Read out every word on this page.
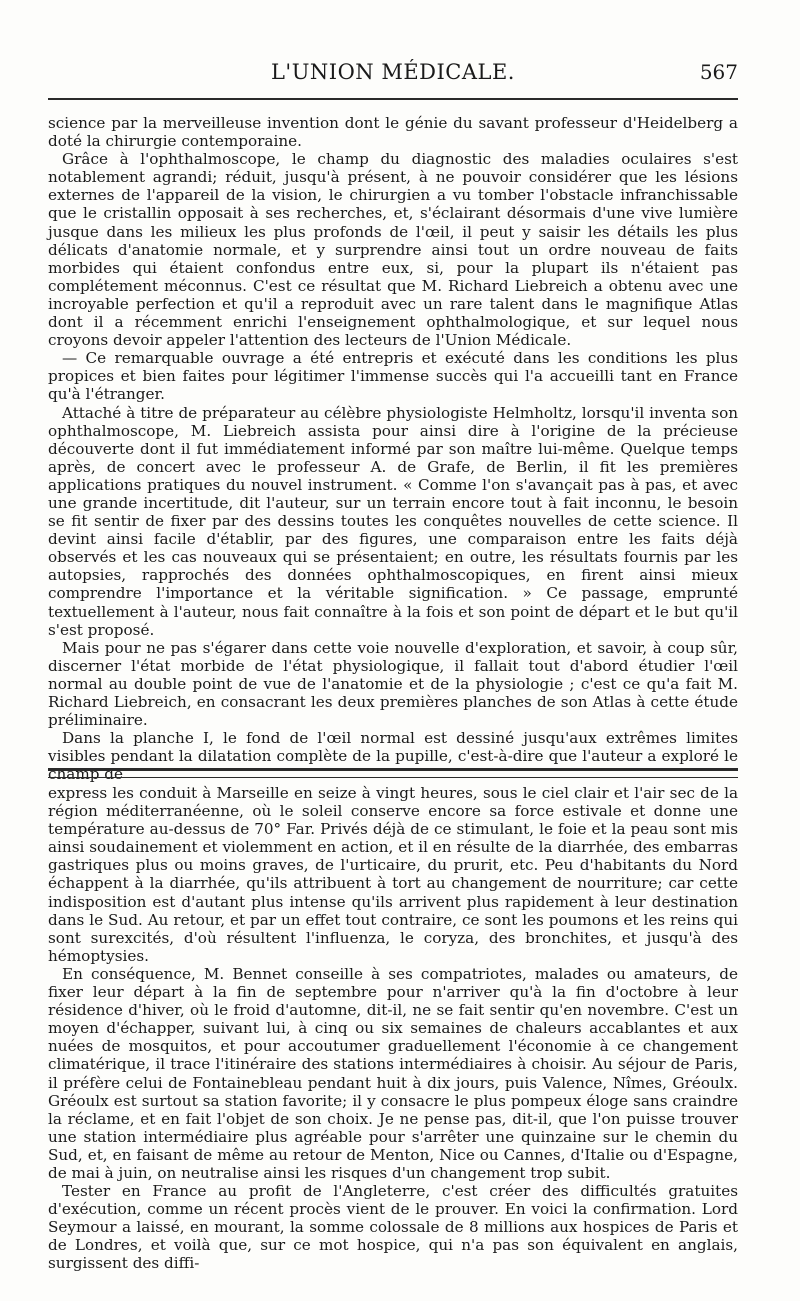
L'UNION MÉDICALE.	567

science par la merveilleuse invention dont le génie du savant professeur d'Heidelberg a doté la chirurgie contemporaine.

Grâce à l'ophthalmoscope, le champ du diagnostic des maladies oculaires s'est notablement agrandi; réduit, jusqu'à présent, à ne pouvoir considérer que les lésions externes de l'appareil de la vision, le chirurgien a vu tomber l'obstacle infranchissable que le cristallin opposait à ses recherches, et, s'éclairant désormais d'une vive lumière jusque dans les milieux les plus profonds de l'œil, il peut y saisir les détails les plus délicats d'anatomie normale, et y surprendre ainsi tout un ordre nouveau de faits morbides qui étaient confondus entre eux, si, pour la plupart ils n'étaient pas complétement méconnus. C'est ce résultat que M. Richard Liebreich a obtenu avec une incroyable perfection et qu'il a reproduit avec un rare talent dans le magnifique Atlas dont il a récemment enrichi l'enseignement ophthalmologique, et sur lequel nous croyons devoir appeler l'attention des lecteurs de l'Union Médicale.

— Ce remarquable ouvrage a été entrepris et exécuté dans les conditions les plus propices et bien faites pour légitimer l'immense succès qui l'a accueilli tant en France qu'à l'étranger.

Attaché à titre de préparateur au célèbre physiologiste Helmholtz, lorsqu'il inventa son ophthalmoscope, M. Liebreich assista pour ainsi dire à l'origine de la précieuse découverte dont il fut immédiatement informé par son maître lui-même. Quelque temps après, de concert avec le professeur A. de Grafe, de Berlin, il fit les premières applications pratiques du nouvel instrument. « Comme l'on s'avançait pas à pas, et avec une grande incertitude, dit l'auteur, sur un terrain encore tout à fait inconnu, le besoin se fit sentir de fixer par des dessins toutes les conquêtes nouvelles de cette science. Il devint ainsi facile d'établir, par des figures, une comparaison entre les faits déjà observés et les cas nouveaux qui se présentaient; en outre, les résultats fournis par les autopsies, rapprochés des données ophthalmoscopiques, en firent ainsi mieux comprendre l'importance et la véritable signification. » Ce passage, emprunté textuellement à l'auteur, nous fait connaître à la fois et son point de départ et le but qu'il s'est proposé.

Mais pour ne pas s'égarer dans cette voie nouvelle d'exploration, et savoir, à coup sûr, discerner l'état morbide de l'état physiologique, il fallait tout d'abord étudier l'œil normal au double point de vue de l'anatomie et de la physiologie ; c'est ce qu'a fait M. Richard Liebreich, en consacrant les deux premières planches de son Atlas à cette étude préliminaire.

Dans la planche I, le fond de l'œil normal est dessiné jusqu'aux extrêmes limites visibles pendant la dilatation complète de la pupille, c'est-à-dire que l'auteur a exploré le champ de

express les conduit à Marseille en seize à vingt heures, sous le ciel clair et l'air sec de la région méditerranéenne, où le soleil conserve encore sa force estivale et donne une température au-dessus de 70° Far. Privés déjà de ce stimulant, le foie et la peau sont mis ainsi soudainement et violemment en action, et il en résulte de la diarrhée, des embarras gastriques plus ou moins graves, de l'urticaire, du prurit, etc. Peu d'habitants du Nord échappent à la diarrhée, qu'ils attribuent à tort au changement de nourriture; car cette indisposition est d'autant plus intense qu'ils arrivent plus rapidement à leur destination dans le Sud. Au retour, et par un effet tout contraire, ce sont les poumons et les reins qui sont surexcités, d'où résultent l'influenza, le coryza, des bronchites, et jusqu'à des hémoptysies.

En conséquence, M. Bennet conseille à ses compatriotes, malades ou amateurs, de fixer leur départ à la fin de septembre pour n'arriver qu'à la fin d'octobre à leur résidence d'hiver, où le froid d'automne, dit-il, ne se fait sentir qu'en novembre. C'est un moyen d'échapper, suivant lui, à cinq ou six semaines de chaleurs accablantes et aux nuées de mosquitos, et pour accoutumer graduellement l'économie à ce changement climatérique, il trace l'itinéraire des stations intermédiaires à choisir. Au séjour de Paris, il préfère celui de Fontainebleau pendant huit à dix jours, puis Valence, Nîmes, Gréoulx. Gréoulx est surtout sa station favorite; il y consacre le plus pompeux éloge sans craindre la réclame, et en fait l'objet de son choix. Je ne pense pas, dit-il, que l'on puisse trouver une station intermédiaire plus agréable pour s'arrêter une quinzaine sur le chemin du Sud, et, en faisant de même au retour de Menton, Nice ou Cannes, d'Italie ou d'Espagne, de mai à juin, on neutralise ainsi les risques d'un changement trop subit.

Tester en France au profit de l'Angleterre, c'est créer des difficultés gratuites d'exécution, comme un récent procès vient de le prouver. En voici la confirmation. Lord Seymour a laissé, en mourant, la somme colossale de 8 millions aux hospices de Paris et de Londres, et voilà que, sur ce mot hospice, qui n'a pas son équivalent en anglais, surgissent des diffi-
